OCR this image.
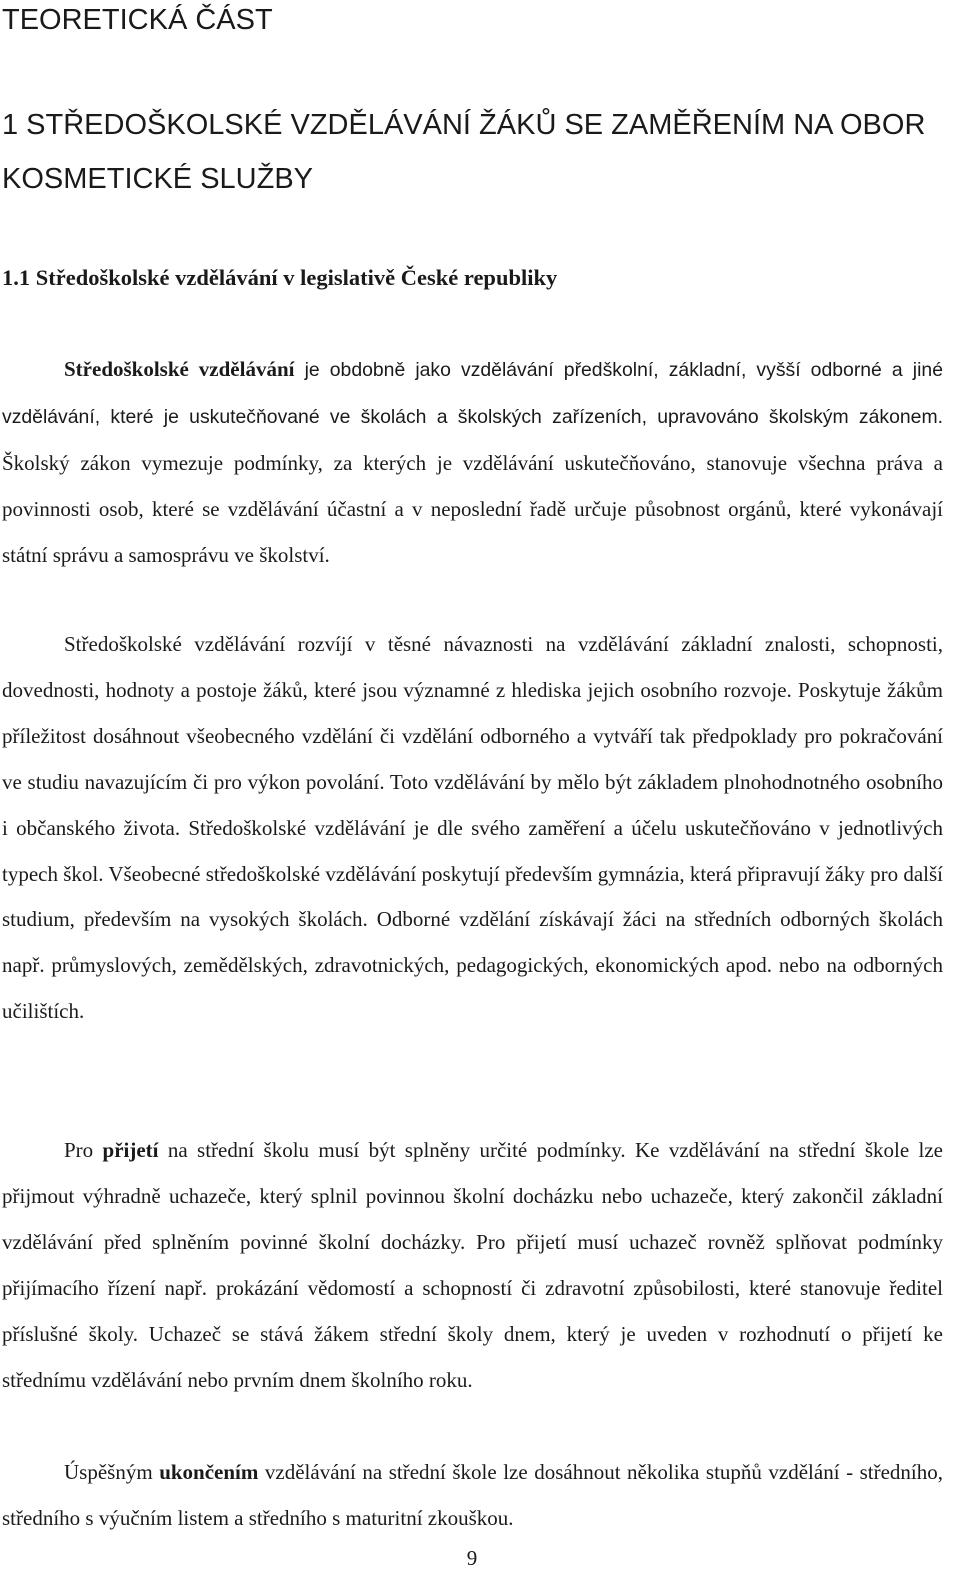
TEORETICKÁ ČÁST
1 STŘEDOŠKOLSKÉ VZDĚLÁVÁNÍ ŽÁKŮ SE ZAMĚŘENÍM NA OBOR KOSMETICKÉ SLUŽBY
1.1 Středoškolské vzdělávání v legislativě České republiky

Středoškolské vzdělávání je obdobně jako vzdělávání předškolní, základní, vyšší odborné a jiné vzdělávání, které je uskutečňované ve školách a školských zařízeních, upravováno školským zákonem. Školský zákon vymezuje podmínky, za kterých je vzdělávání uskutečňováno, stanovuje všechna práva a povinnosti osob, které se vzdělávání účastní a v neposlední řadě určuje působnost orgánů, které vykonávají státní správu a samosprávu ve školství.

Středoškolské vzdělávání rozvíjí v těsné návaznosti na vzdělávání základní znalosti, schopnosti, dovednosti, hodnoty a postoje žáků, které jsou významné z hlediska jejich osobního rozvoje. Poskytuje žákům příležitost dosáhnout všeobecného vzdělání či vzdělání odborného a vytváří tak předpoklady pro pokračování ve studiu navazujícím či pro výkon povolání. Toto vzdělávání by mělo být základem plnohodnotného osobního i občanského života. Středoškolské vzdělávání je dle svého zaměření a účelu uskutečňováno v jednotlivých typech škol. Všeobecné středoškolské vzdělávání poskytují především gymnázia, která připravují žáky pro další studium, především na vysokých školách. Odborné vzdělání získávají žáci na středních odborných školách např. průmyslových, zemědělských, zdravotnických, pedagogických, ekonomických apod. nebo na odborných učilištích.

Pro přijetí na střední školu musí být splněny určité podmínky. Ke vzdělávání na střední škole lze přijmout výhradně uchazeče, který splnil povinnou školní docházku nebo uchazeče, který zakončil základní vzdělávání před splněním povinné školní docházky. Pro přijetí musí uchazeč rovněž splňovat podmínky přijímacího řízení např. prokázání vědomostí a schopností či zdravotní způsobilosti, které stanovuje ředitel příslušné školy. Uchazeč se stává žákem střední školy dnem, který je uveden v rozhodnutí o přijetí ke střednímu vzdělávání nebo prvním dnem školního roku.

Úspěšným ukončením vzdělávání na střední škole lze dosáhnout několika stupňů vzdělání - středního, středního s výučním listem a středního s maturitní zkouškou.

9
